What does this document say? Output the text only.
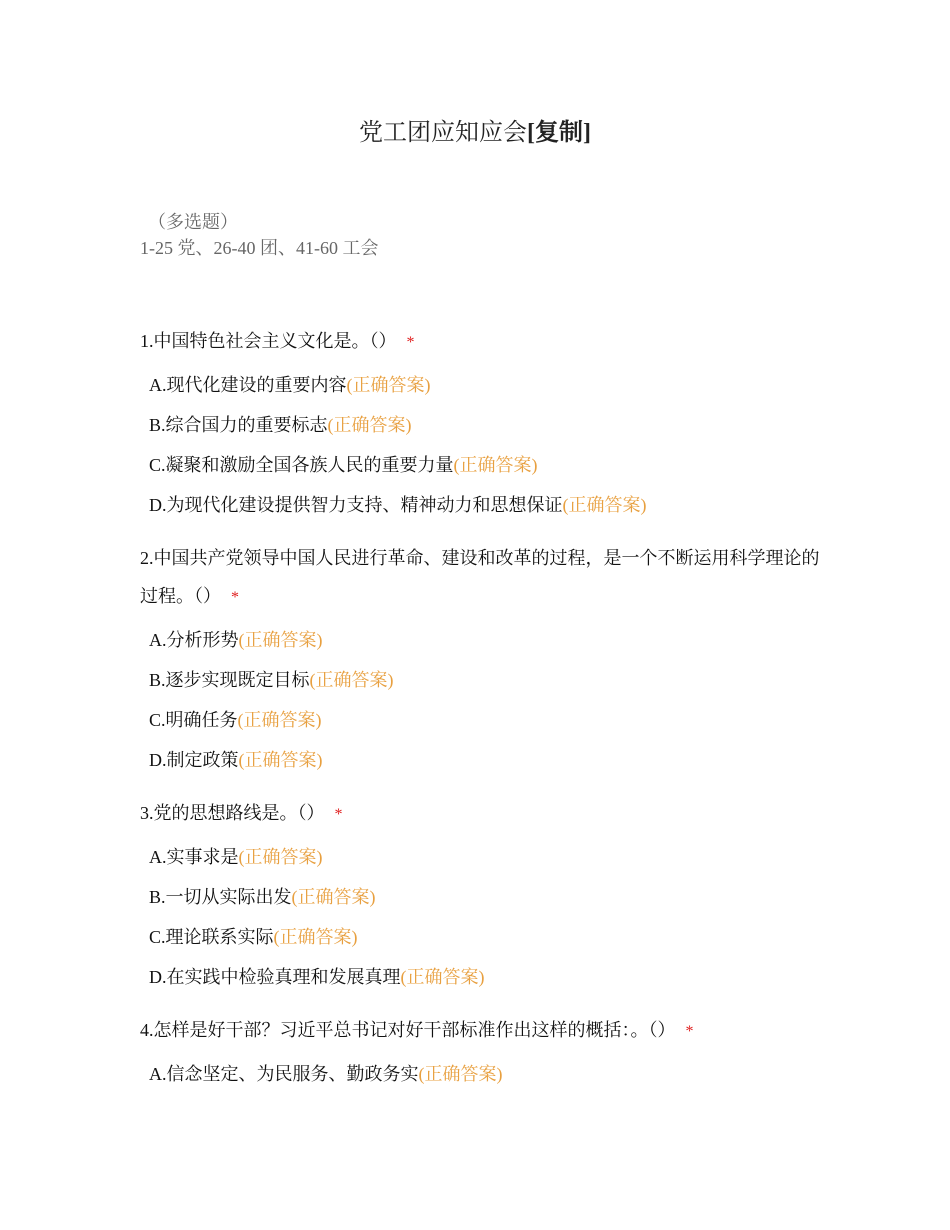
党工团应知应会[复制]
（多选题）
1-25 党、26-40 团、41-60 工会
1.中国特色社会主义文化是。（） *
A.现代化建设的重要内容(正确答案)
B.综合国力的重要标志(正确答案)
C.凝聚和激励全国各族人民的重要力量(正确答案)
D.为现代化建设提供智力支持、精神动力和思想保证(正确答案)
2.中国共产党领导中国人民进行革命、建设和改革的过程，是一个不断运用科学理论的过程。（） *
A.分析形势(正确答案)
B.逐步实现既定目标(正确答案)
C.明确任务(正确答案)
D.制定政策(正确答案)
3.党的思想路线是。（） *
A.实事求是(正确答案)
B.一切从实际出发(正确答案)
C.理论联系实际(正确答案)
D.在实践中检验真理和发展真理(正确答案)
4.怎样是好干部？习近平总书记对好干部标准作出这样的概括：。（） *
A.信念坚定、为民服务、勤政务实(正确答案)
